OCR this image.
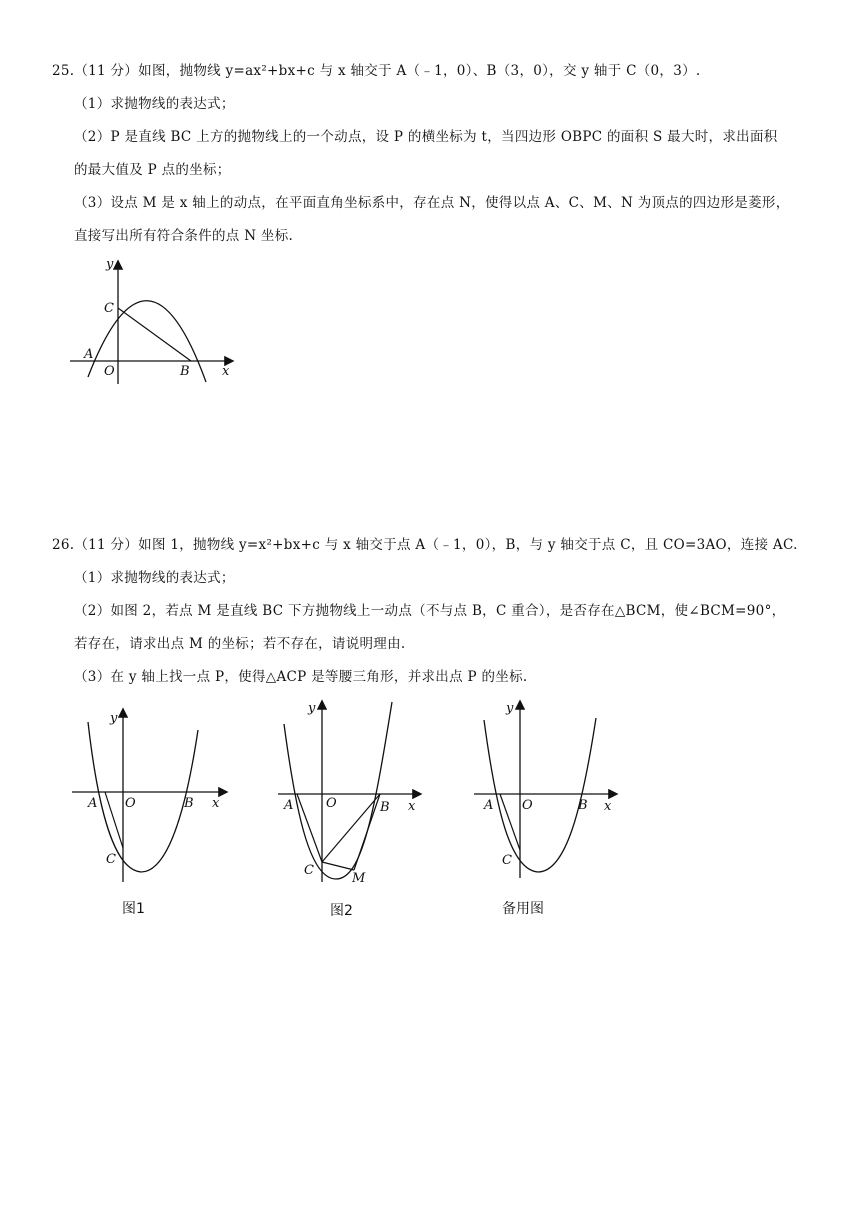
25.（11 分）如图，抛物线 y=ax²+bx+c 与 x 轴交于 A（﹣1，0）、B（3，0），交 y 轴于 C（0，3）.
（1）求抛物线的表达式；
（2）P 是直线 BC 上方的抛物线上的一个动点，设 P 的横坐标为 t，当四边形 OBPC 的面积 S 最大时，求出面积
的最大值及 P 点的坐标；
（3）设点 M 是 x 轴上的动点，在平面直角坐标系中，存在点 N，使得以点 A、C、M、N 为顶点的四边形是菱形，
直接写出所有符合条件的点 N 坐标.
y
C
A
O	B x
26.（11 分）如图 1，抛物线 y=x²+bx+c 与 x 轴交于点 A（﹣1，0），B，与 y 轴交于点 C，且 CO=3AO，连接 AC.
（1）求抛物线的表达式；
（2）如图 2，若点 M 是直线 BC 下方抛物线上一动点（不与点 B，C 重合），是否存在△BCM，使∠BCM=90°，
若存在，请求出点 M 的坐标；若不存在，请说明理由.
（3）在 y 轴上找一点 P，使得△ACP 是等腰三角形，并求出点 P 的坐标.
y
A O	B x
C
图1
y
A	O	B x
C
M
图2
y
A O	B x
C
备用图
